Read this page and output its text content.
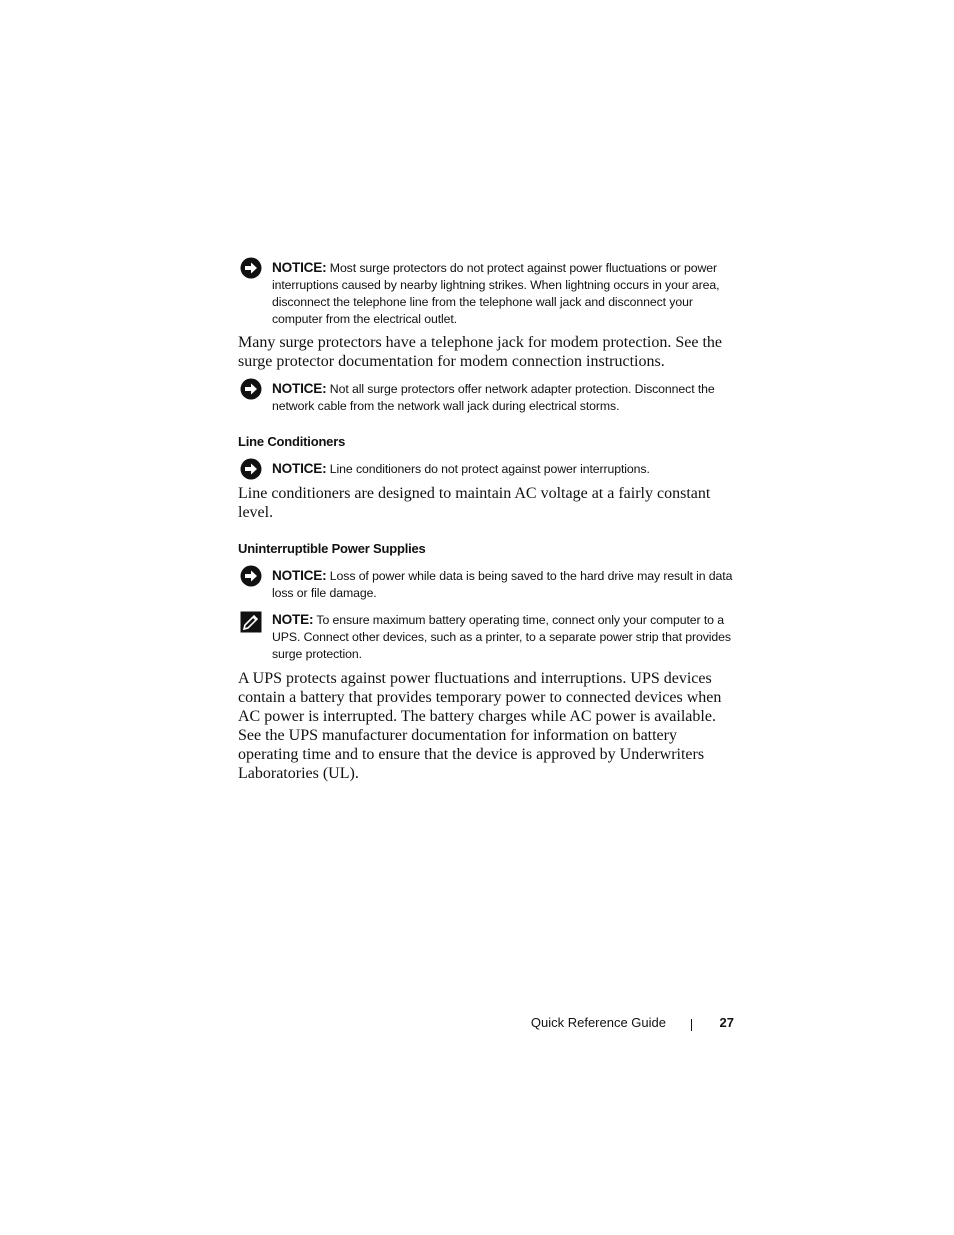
NOTICE: Most surge protectors do not protect against power fluctuations or power interruptions caused by nearby lightning strikes. When lightning occurs in your area, disconnect the telephone line from the telephone wall jack and disconnect your computer from the electrical outlet.

Many surge protectors have a telephone jack for modem protection. See the surge protector documentation for modem connection instructions.

NOTICE: Not all surge protectors offer network adapter protection. Disconnect the network cable from the network wall jack during electrical storms.
Line Conditioners
NOTICE: Line conditioners do not protect against power interruptions.

Line conditioners are designed to maintain AC voltage at a fairly constant level.

Uninterruptible Power Supplies
NOTICE: Loss of power while data is being saved to the hard drive may result in data loss or file damage.
NOTE: To ensure maximum battery operating time, connect only your computer to a UPS. Connect other devices, such as a printer, to a separate power strip that provides surge protection.

A UPS protects against power fluctuations and interruptions. UPS devices contain a battery that provides temporary power to connected devices when AC power is interrupted. The battery charges while AC power is available. See the UPS manufacturer documentation for information on battery operating time and to ensure that the device is approved by Underwriters Laboratories (UL).

Quick Reference Guide	27
